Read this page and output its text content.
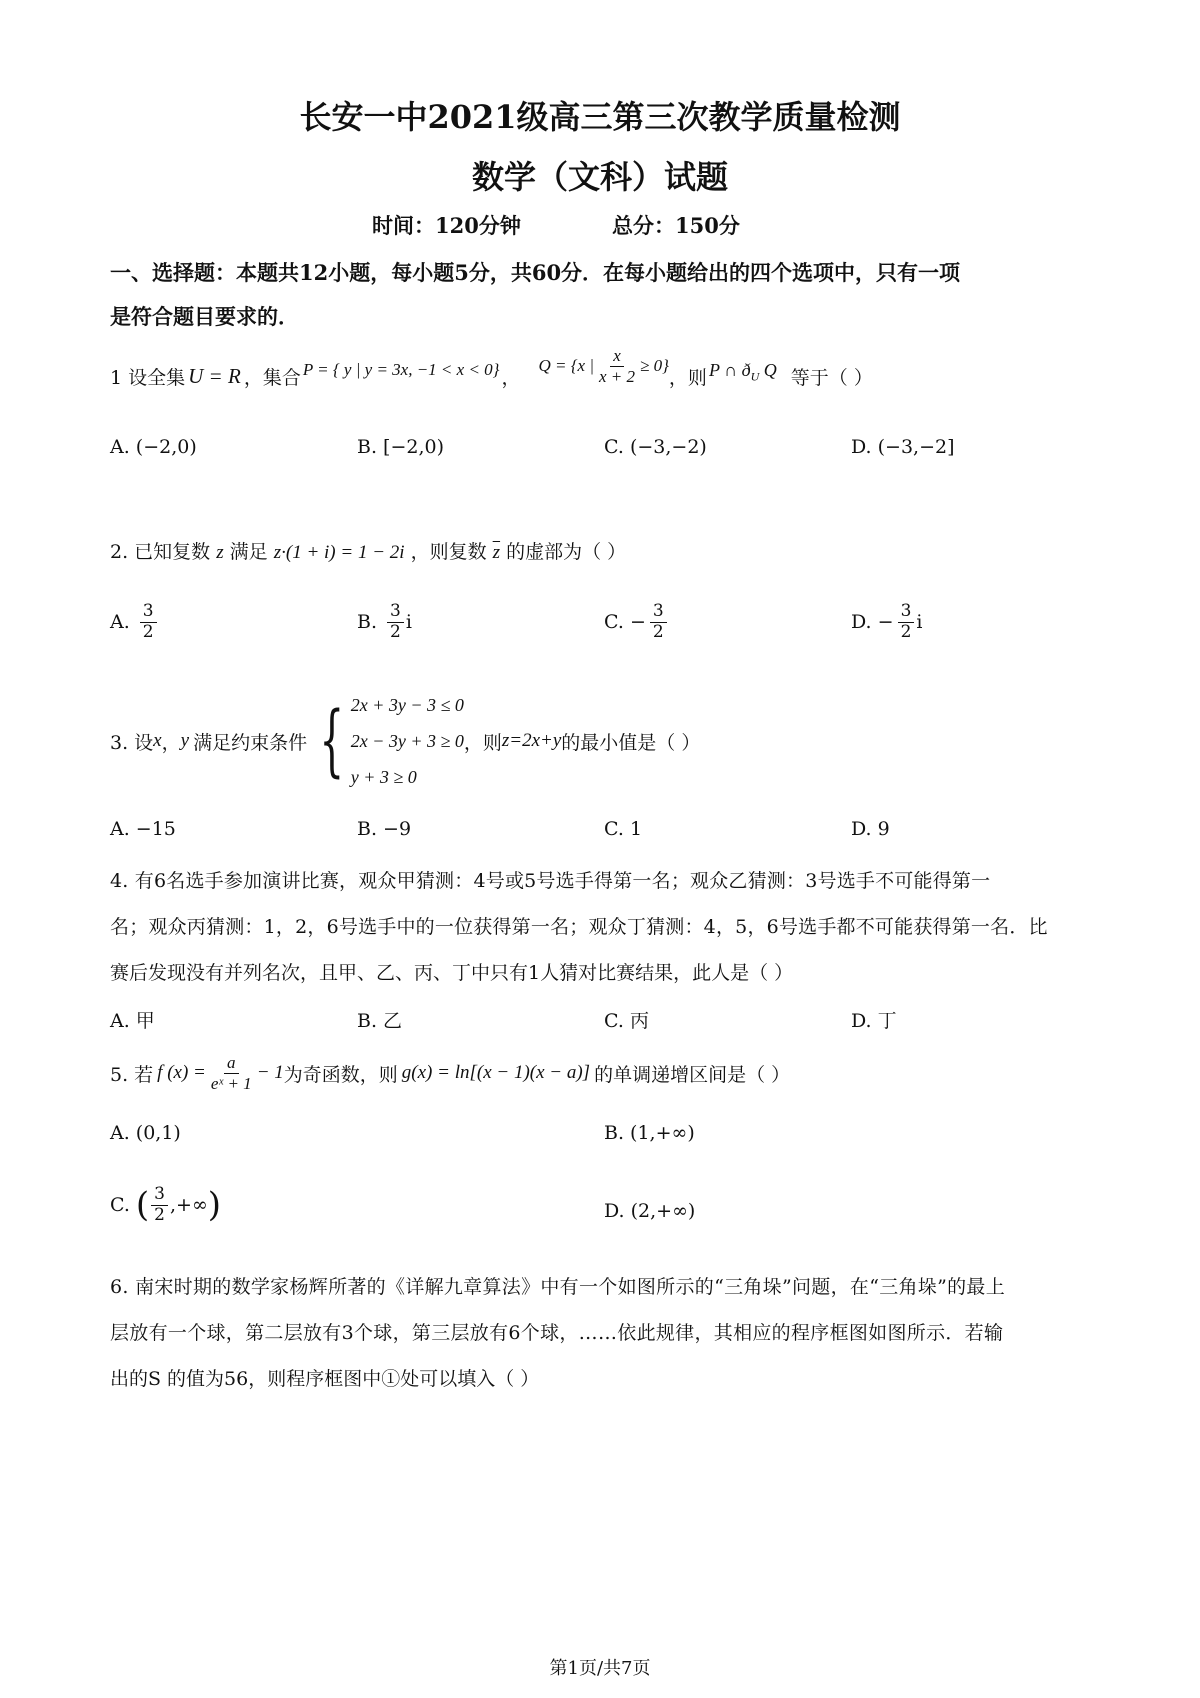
长安一中2021级高三第三次教学质量检测
数学（文科）试题
时间：120分钟	总分：150分
一、选择题：本题共12小题，每小题5分，共60分．在每小题给出的四个选项中，只有一项
是符合题目要求的．
1 设全集 U = R ，集合 P = { y | y = 3x, −1 < x < 0} ，
Q = {x | $\frac{x}{x + 2} \ge 0$}
，则 P ∩ $ð_U$ Q 等于（ ）
A. (−2,0)	B. [−2,0)	C. (−3,−2)	D. (−3,−2]
2. 已知复数 z 满足 z·(1 + i) = 1 − 2i ，则复数 $\overline{z}$ 的虚部为（ ）
A. $\frac{3}{2}$	B. $\frac{3}{2}$ i	C. − $\frac{3}{2}$	D. − $\frac{3}{2}$ i
3. 设 x ， y 满足约束条件 { 2x + 3y − 3 ≤ 0
2x − 3y + 3 ≥ 0
y + 3 ≥ 0
，则 z=2x+y 的最小值是（ ）
A. −15	B. −9	C. 1	D. 9
4. 有6名选手参加演讲比赛，观众甲猜测：4号或5号选手得第一名；观众乙猜测：3号选手不可能得第一
名；观众丙猜测：1，2，6号选手中的一位获得第一名；观众丁猜测：4，5，6号选手都不可能获得第一名．比
赛后发现没有并列名次，且甲、乙、丙、丁中只有1人猜对比赛结果，此人是（ ）
A. 甲	B. 乙	C. 丙	D. 丁
5. 若 f $(x) = \frac{a}{\text{eˣ + 1}} - 1$ 为奇函数，则 g(x) = ln[(x − 1)(x − a)] 的单调递增区间是（ ）
A. (0,1)	B. (1,+∞)
C. ( $\frac{3}{2}$ ,+∞ )	D. (2,+∞)
6. 南宋时期的数学家杨辉所著的《详解九章算法》中有一个如图所示的“三角垛”问题，在“三角垛”的最上
层放有一个球，第二层放有3个球，第三层放有6个球，……依此规律，其相应的程序框图如图所示．若输
出的S 的值为56，则程序框图中①处可以填入（ ）
第1页/共7页
